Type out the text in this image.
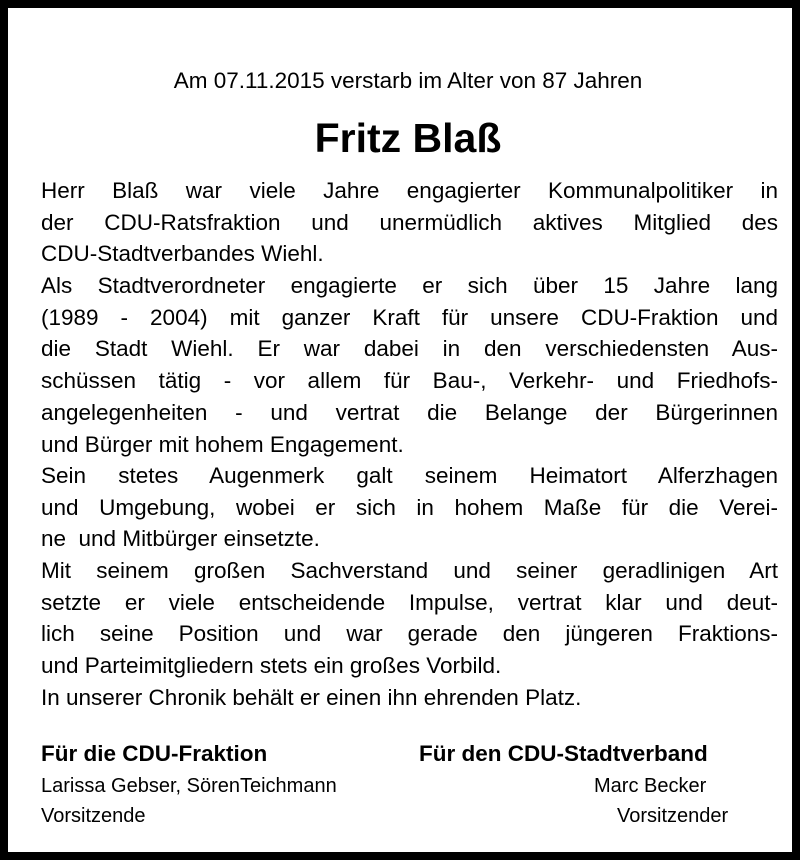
Am 07.11.2015 verstarb im Alter von 87 Jahren
Fritz Blaß
Herr Blaß war viele Jahre engagierter Kommunalpolitiker in
der CDU-Ratsfraktion und unermüdlich aktives Mitglied des
CDU-Stadtverbandes Wiehl.
Als Stadtverordneter engagierte er sich über 15 Jahre lang
(1989 - 2004) mit ganzer Kraft für unsere CDU-Fraktion und
die Stadt Wiehl. Er war dabei in den verschiedensten Aus-
schüssen tätig - vor allem für Bau-, Verkehr- und Friedhofs-
angelegenheiten - und vertrat die Belange der Bürgerinnen
und Bürger mit hohem Engagement.
Sein stetes Augenmerk galt seinem Heimatort Alferzhagen
und Umgebung, wobei er sich in hohem Maße für die Verei-
ne  und Mitbürger einsetzte.
Mit seinem großen Sachverstand und seiner geradlinigen Art
setzte er viele entscheidende Impulse, vertrat klar und deut-
lich seine Position und war gerade den jüngeren Fraktions-
und Parteimitgliedern stets ein großes Vorbild.
In unserer Chronik behält er einen ihn ehrenden Platz.
Für die CDU-Fraktion	Für den CDU-Stadtverband
Larissa Gebser, SörenTeichmann
Vorsitzende
Marc Becker
Vorsitzender
